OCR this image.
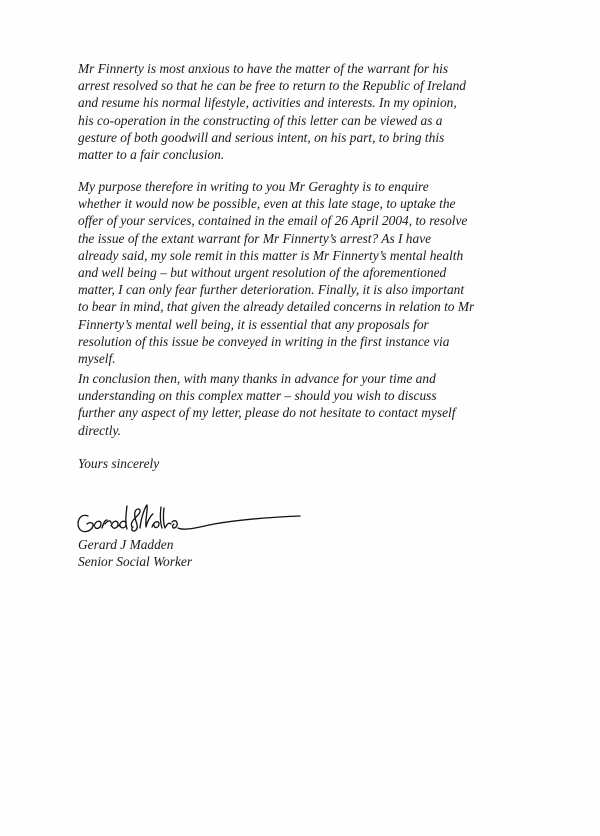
Mr Finnerty is most anxious to have the matter of the warrant for his
arrest resolved so that he can be free to return to the Republic of Ireland
and resume his normal lifestyle, activities and interests. In my opinion,
his co-operation in the constructing of this letter can be viewed as a
gesture of both goodwill and serious intent, on his part, to bring this
matter to a fair conclusion.

My purpose therefore in writing to you Mr Geraghty is to enquire
whether it would now be possible, even at this late stage, to uptake the
offer of your services, contained in the email of 26 April 2004, to resolve
the issue of the extant warrant for Mr Finnerty’s arrest? As I have
already said, my sole remit in this matter is Mr Finnerty’s mental health
and well being – but without urgent resolution of the aforementioned
matter, I can only fear further deterioration. Finally, it is also important
to bear in mind, that given the already detailed concerns in relation to Mr
Finnerty’s mental well being, it is essential that any proposals for
resolution of this issue be conveyed in writing in the first instance via
myself.

In conclusion then, with many thanks in advance for your time and
understanding on this complex matter – should you wish to discuss
further any aspect of my letter, please do not hesitate to contact myself
directly.

Yours sincerely

Gerard J Madden

Senior Social Worker
